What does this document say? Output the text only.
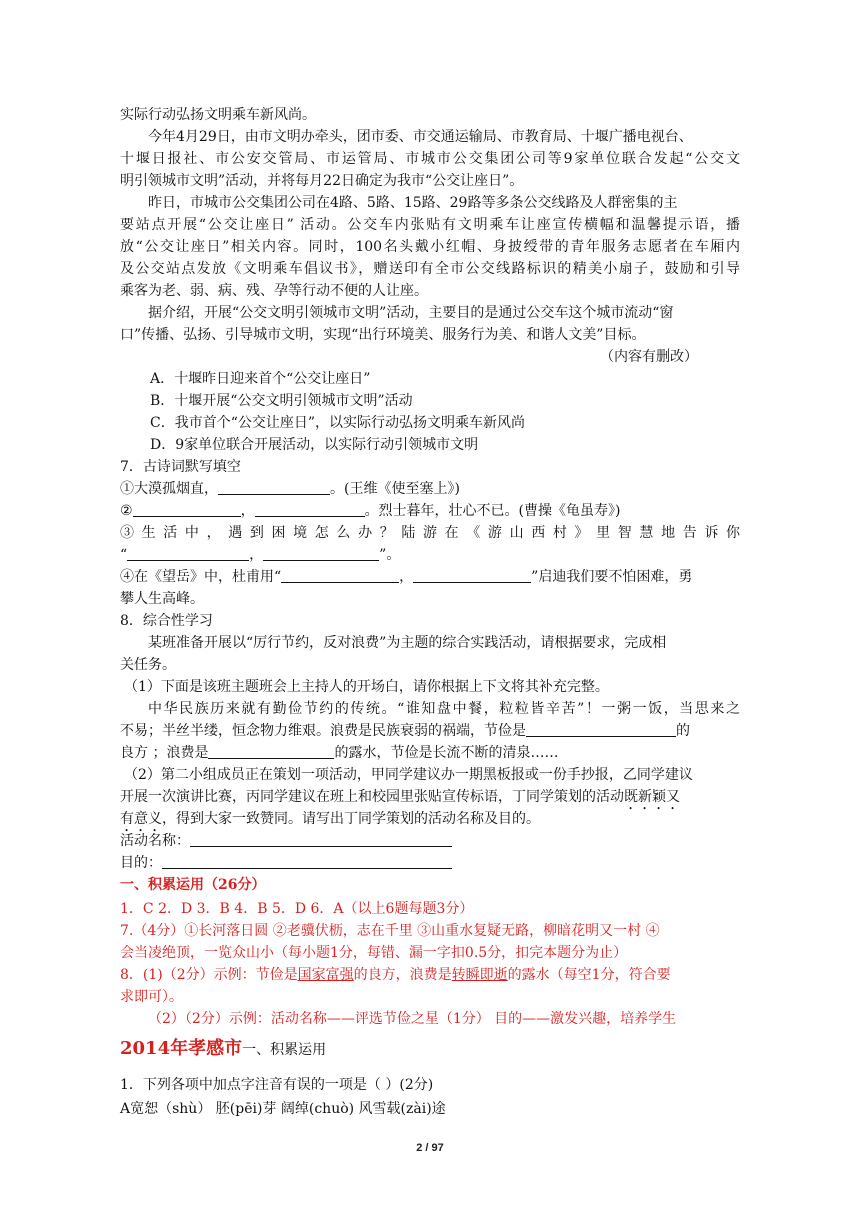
实际行动弘扬文明乘车新风尚。
今年4月29日，由市文明办牵头，团市委、市交通运输局、市教育局、十堰广播电视台、
十堰日报社、市公安交管局、市运管局、市城市公交集团公司等9家单位联合发起“公交文
明引领城市文明”活动，并将每月22日确定为我市“公交让座日”。
昨日，市城市公交集团公司在4路、5路、15路、29路等多条公交线路及人群密集的主
要站点开展“公交让座日” 活动。公交车内张贴有文明乘车让座宣传横幅和温馨提示语，播
放“公交让座日”相关内容。同时，100名头戴小红帽、身披绶带的青年服务志愿者在车厢内
及公交站点发放《文明乘车倡议书》，赠送印有全市公交线路标识的精美小扇子，鼓励和引导
乘客为老、弱、病、残、孕等行动不便的人让座。
据介绍，开展“公交文明引领城市文明”活动，主要目的是通过公交车这个城市流动“窗
口”传播、弘扬、引导城市文明，实现“出行环境美、服务行为美、和谐人文美”目标。
（内容有删改）
A．十堰昨日迎来首个“公交让座日”
B．十堰开展“公交文明引领城市文明”活动
C．我市首个“公交让座日”，以实际行动弘扬文明乘车新风尚
D．9家单位联合开展活动，以实际行动引领城市文明
7．古诗词默写填空
①大漠孤烟直，	。(王维《使至塞上》)
②	，	。烈士暮年，壮心不已。(曹操《龟虽寿》)
③生活中，遇到困境怎么办？陆游在《游山西村》里智慧地告诉你
“	，	”。
④在《望岳》中，杜甫用“	，	”启迪我们要不怕困难，勇
攀人生高峰。
8．综合性学习
某班准备开展以“厉行节约，反对浪费”为主题的综合实践活动，请根据要求，完成相
关任务。
（1）下面是该班主题班会上主持人的开场白，请你根据上下文将其补充完整。
中华民族历来就有勤俭节约的传统。“谁知盘中餐，粒粒皆辛苦”！一粥一饭，当思来之
不易；半丝半缕，恒念物力维艰。浪费是民族衰弱的祸端，节俭是	的
良方 ；浪费是	的露水，节俭是长流不断的清泉……
（2）第二小组成员正在策划一项活动，甲同学建议办一期黑板报或一份手抄报，乙同学建议
开展一次演讲比赛，丙同学建议在班上和校园里张贴宣传标语，丁同学策划的活动既新颖又
有意义，得到大家一致赞同。请写出丁同学策划的活动名称及目的。
活动名称：
目的：
一、积累运用（26分）
1．C 2．D 3．B 4．B 5．D 6．A（以上6题每题3分）
7.（4分）①长河落日圆 ②老骥伏枥，志在千里 ③山重水复疑无路，柳暗花明又一村 ④
会当凌绝顶，一览众山小（每小题1分，每错、漏一字扣0.5分，扣完本题分为止）
8．(1)（2分）示例：节俭是国家富强的良方，浪费是转瞬即逝的露水（每空1分，符合要
求即可）。
（2）（2分）示例：活动名称——评选节俭之星（1分） 目的——激发兴趣，培养学生
2014年孝感市一、积累运用
1．下列各项中加点字注音有误的一项是（ ）(2分)
A宽恕（shù） 胚(pēi)芽 阔绰(chuò) 风雪载(zài)途
2 / 97
